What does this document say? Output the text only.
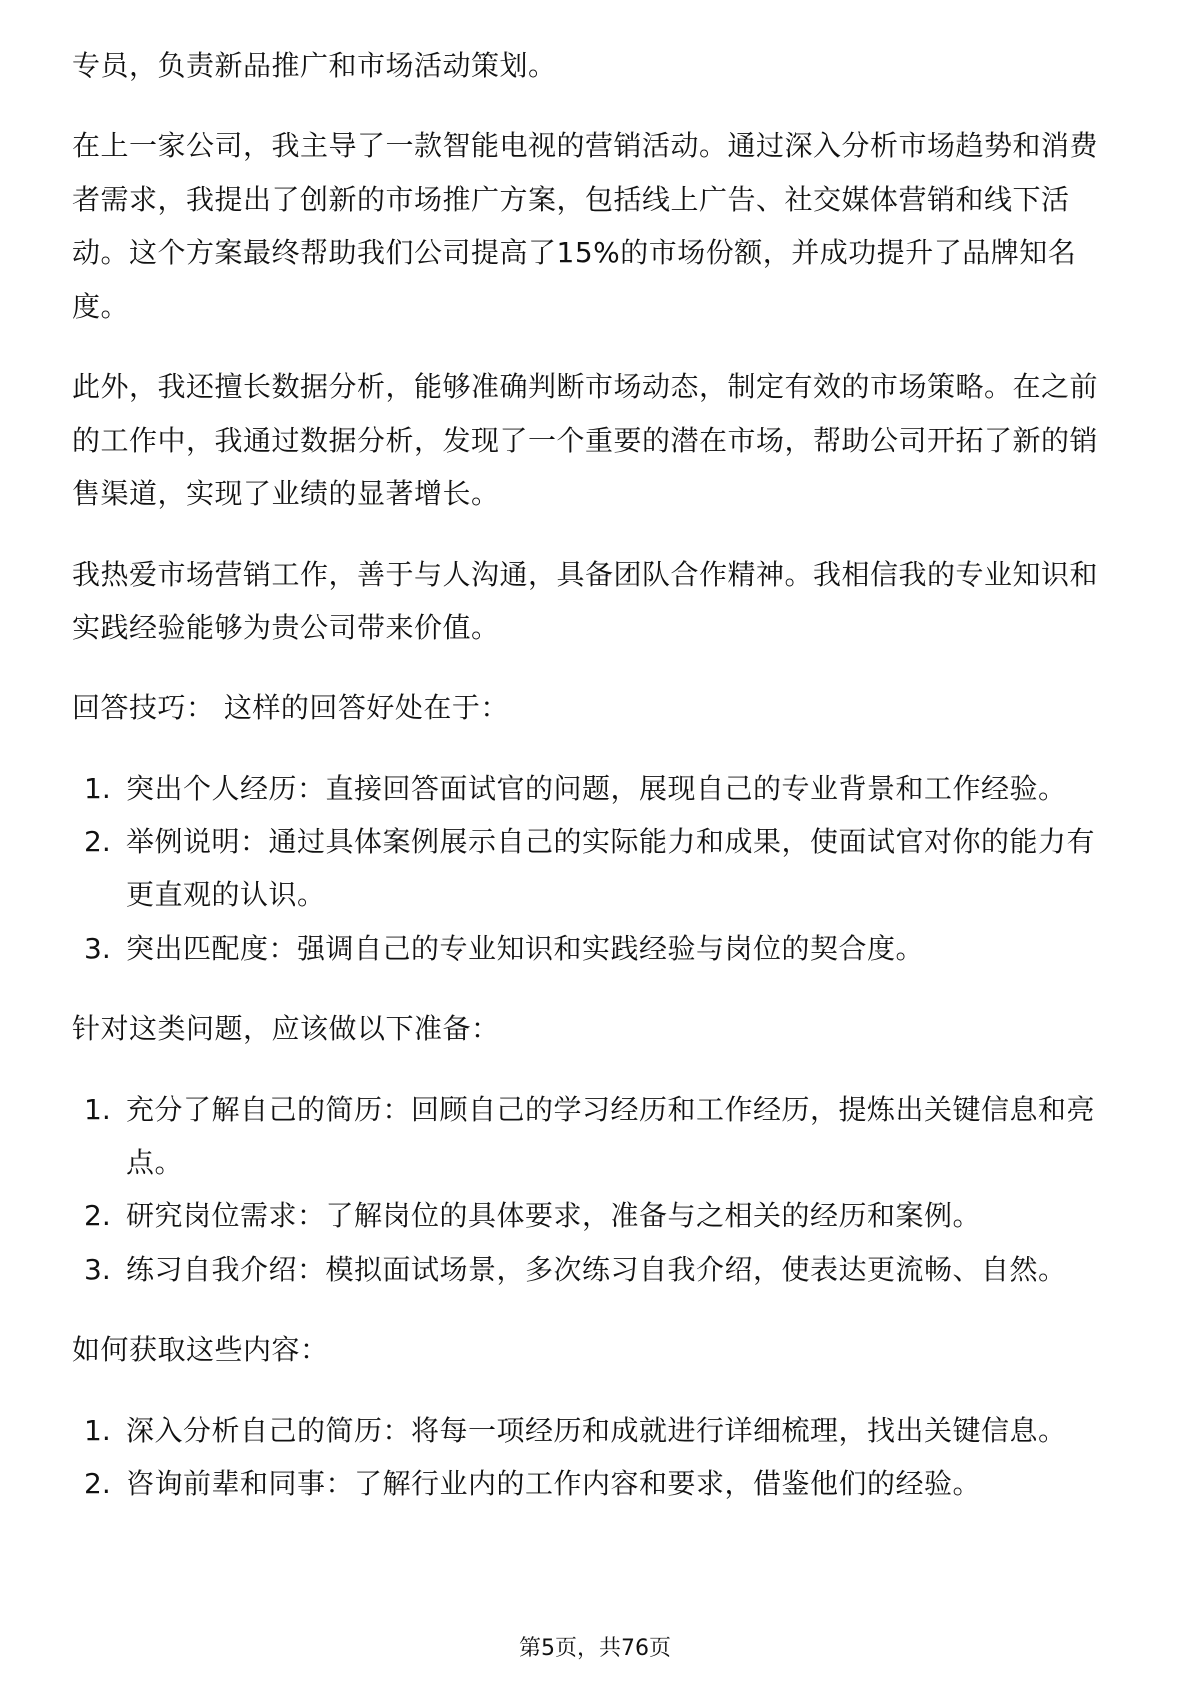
专员，负责新品推广和市场活动策划。
在上一家公司，我主导了一款智能电视的营销活动。通过深入分析市场趋势和消费
者需求，我提出了创新的市场推广方案，包括线上广告、社交媒体营销和线下活
动。这个方案最终帮助我们公司提高了15%的市场份额，并成功提升了品牌知名
度。
此外，我还擅长数据分析，能够准确判断市场动态，制定有效的市场策略。在之前
的工作中，我通过数据分析，发现了一个重要的潜在市场，帮助公司开拓了新的销
售渠道，实现了业绩的显著增长。
我热爱市场营销工作，善于与人沟通，具备团队合作精神。我相信我的专业知识和
实践经验能够为贵公司带来价值。
回答技巧： 这样的回答好处在于：
1. 突出个人经历：直接回答面试官的问题，展现自己的专业背景和工作经验。
2. 举例说明：通过具体案例展示自己的实际能力和成果，使面试官对你的能力有
更直观的认识。
3. 突出匹配度：强调自己的专业知识和实践经验与岗位的契合度。
针对这类问题，应该做以下准备：
1. 充分了解自己的简历：回顾自己的学习经历和工作经历，提炼出关键信息和亮
点。
2. 研究岗位需求：了解岗位的具体要求，准备与之相关的经历和案例。
3. 练习自我介绍：模拟面试场景，多次练习自我介绍，使表达更流畅、自然。
如何获取这些内容：
1. 深入分析自己的简历：将每一项经历和成就进行详细梳理，找出关键信息。
2. 咨询前辈和同事：了解行业内的工作内容和要求，借鉴他们的经验。
第5页，共76页
